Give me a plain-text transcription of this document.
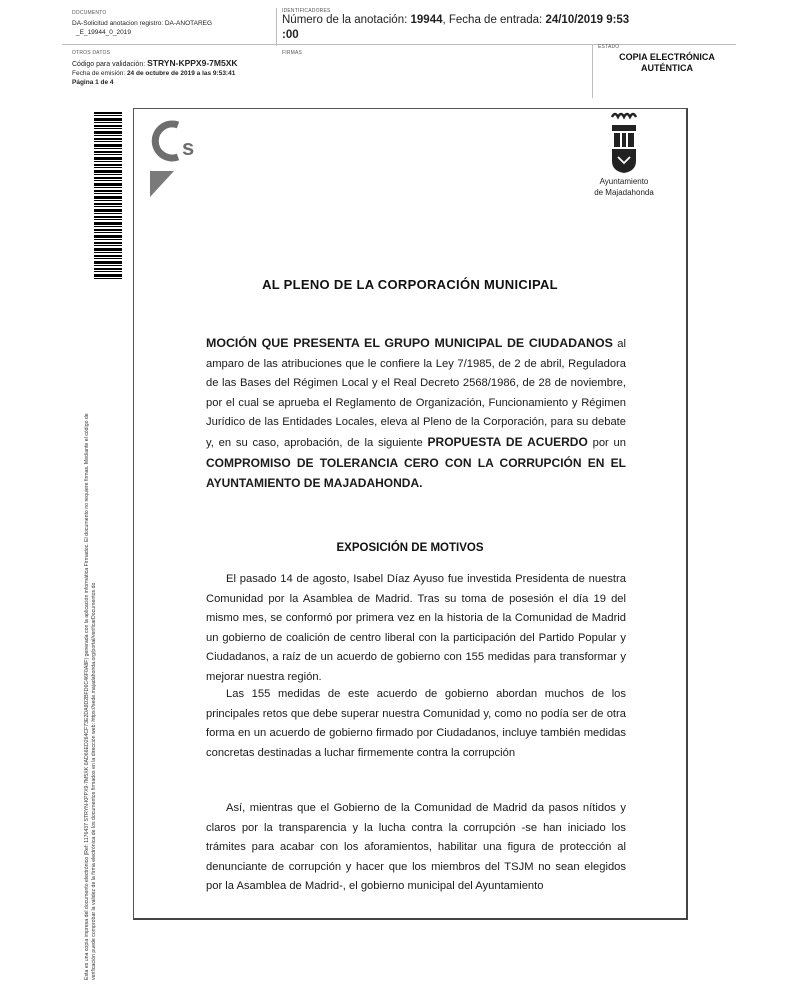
DOCUMENTO
DA-Solicitud anotacion registro: DA-ANOTAREG
_E_19944_0_2019
IDENTIFICADORES
Número de la anotación: 19944, Fecha de entrada: 24/10/2019 9:53
:00
OTROS DATOS
Código para validación: STRYN-KPPX9-7M5XK
Fecha de emisión: 24 de octubre de 2019 a las 9:53:41
Página 1 de 4
FIRMAS
ESTADO
COPIA ELECTRÓNICA
AUTÉNTICA
Esta es una copia impresa del documento electrónico (Ref: 1176437 STRYN-KPPX9-7M5XK 0AD66ED264CF73E2DA9D2BFD6C46F0A8F) generada con la aplicación informática Firmadoc. El documento no requiere firmas. Mediante el código de verificación puede comprobar la validez de la firma electrónica de los documentos firmados en la dirección web: https://sede.majadahonda.org/portal/verificarDocumentos.do
s
Ayuntamiento
de Majadahonda
AL PLENO DE LA CORPORACIÓN MUNICIPAL
MOCIÓN QUE PRESENTA EL GRUPO MUNICIPAL DE CIUDADANOS al amparo de las atribuciones que le confiere la Ley 7/1985, de 2 de abril, Reguladora de las Bases del Régimen Local y el Real Decreto 2568/1986, de 28 de noviembre, por el cual se aprueba el Reglamento de Organización, Funcionamiento y Régimen Jurídico de las Entidades Locales, eleva al Pleno de la Corporación, para su debate y, en su caso, aprobación, de la siguiente PROPUESTA DE ACUERDO por un COMPROMISO DE TOLERANCIA CERO CON LA CORRUPCIÓN EN EL AYUNTAMIENTO DE MAJADAHONDA.
EXPOSICIÓN DE MOTIVOS
El pasado 14 de agosto, Isabel Díaz Ayuso fue investida Presidenta de nuestra Comunidad por la Asamblea de Madrid. Tras su toma de posesión el día 19 del mismo mes, se conformó por primera vez en la historia de la Comunidad de Madrid un gobierno de coalición de centro liberal con la participación del Partido Popular y Ciudadanos, a raíz de un acuerdo de gobierno con 155 medidas para transformar y mejorar nuestra región.
Las 155 medidas de este acuerdo de gobierno abordan muchos de los principales retos que debe superar nuestra Comunidad y, como no podía ser de otra forma en un acuerdo de gobierno firmado por Ciudadanos, incluye también medidas concretas destinadas a luchar firmemente contra la corrupción
Así, mientras que el Gobierno de la Comunidad de Madrid da pasos nítidos y claros por la transparencia y la lucha contra la corrupción -se han iniciado los trámites para acabar con los aforamientos, habilitar una figura de protección al denunciante de corrupción y hacer que los miembros del TSJM no sean elegidos por la Asamblea de Madrid-, el gobierno municipal del Ayuntamiento
